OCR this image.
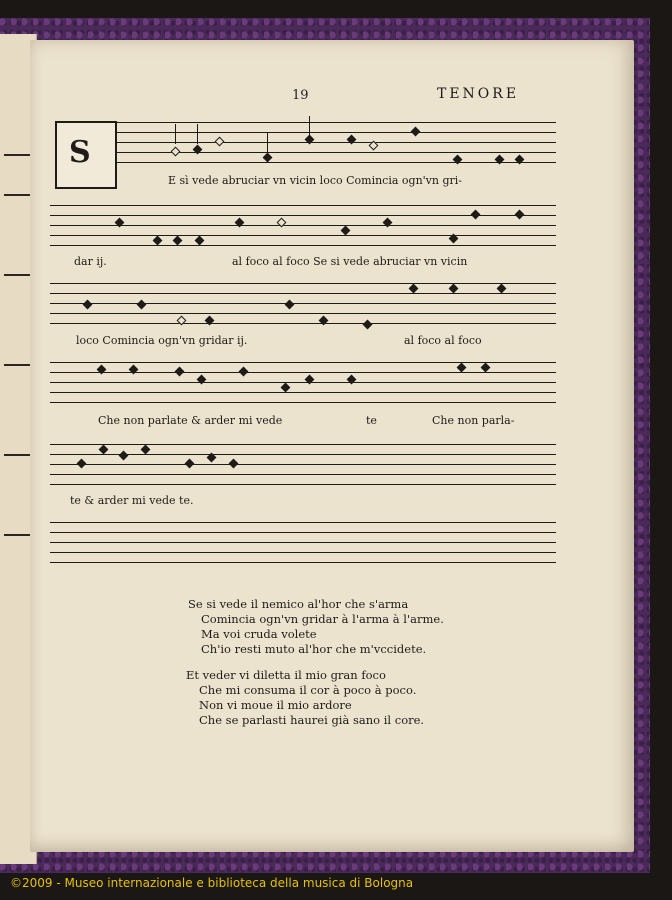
19	TENORE
S
E sì vede abruciar vn vicin loco Comincia ogn'vn gri-
dar ij.	al foco al foco Se si vede abruciar vn vicin
loco Comincia ogn'vn gridar ij.	al foco al foco
Che non parlate & arder mi vede	te	Che non parla-
te & arder mi vede te.
Se si vede il nemico al'hor che s'arma
Comincia ogn'vn gridar à l'arma à l'arme.
Ma voi cruda volete
Ch'io resti muto al'hor che m'vccidete.
Et veder vi diletta il mio gran foco
Che mi consuma il cor à poco à poco.
Non vi moue il mio ardore
Che se parlasti haurei già sano il core.
©2009 - Museo internazionale e biblioteca della musica di Bologna
